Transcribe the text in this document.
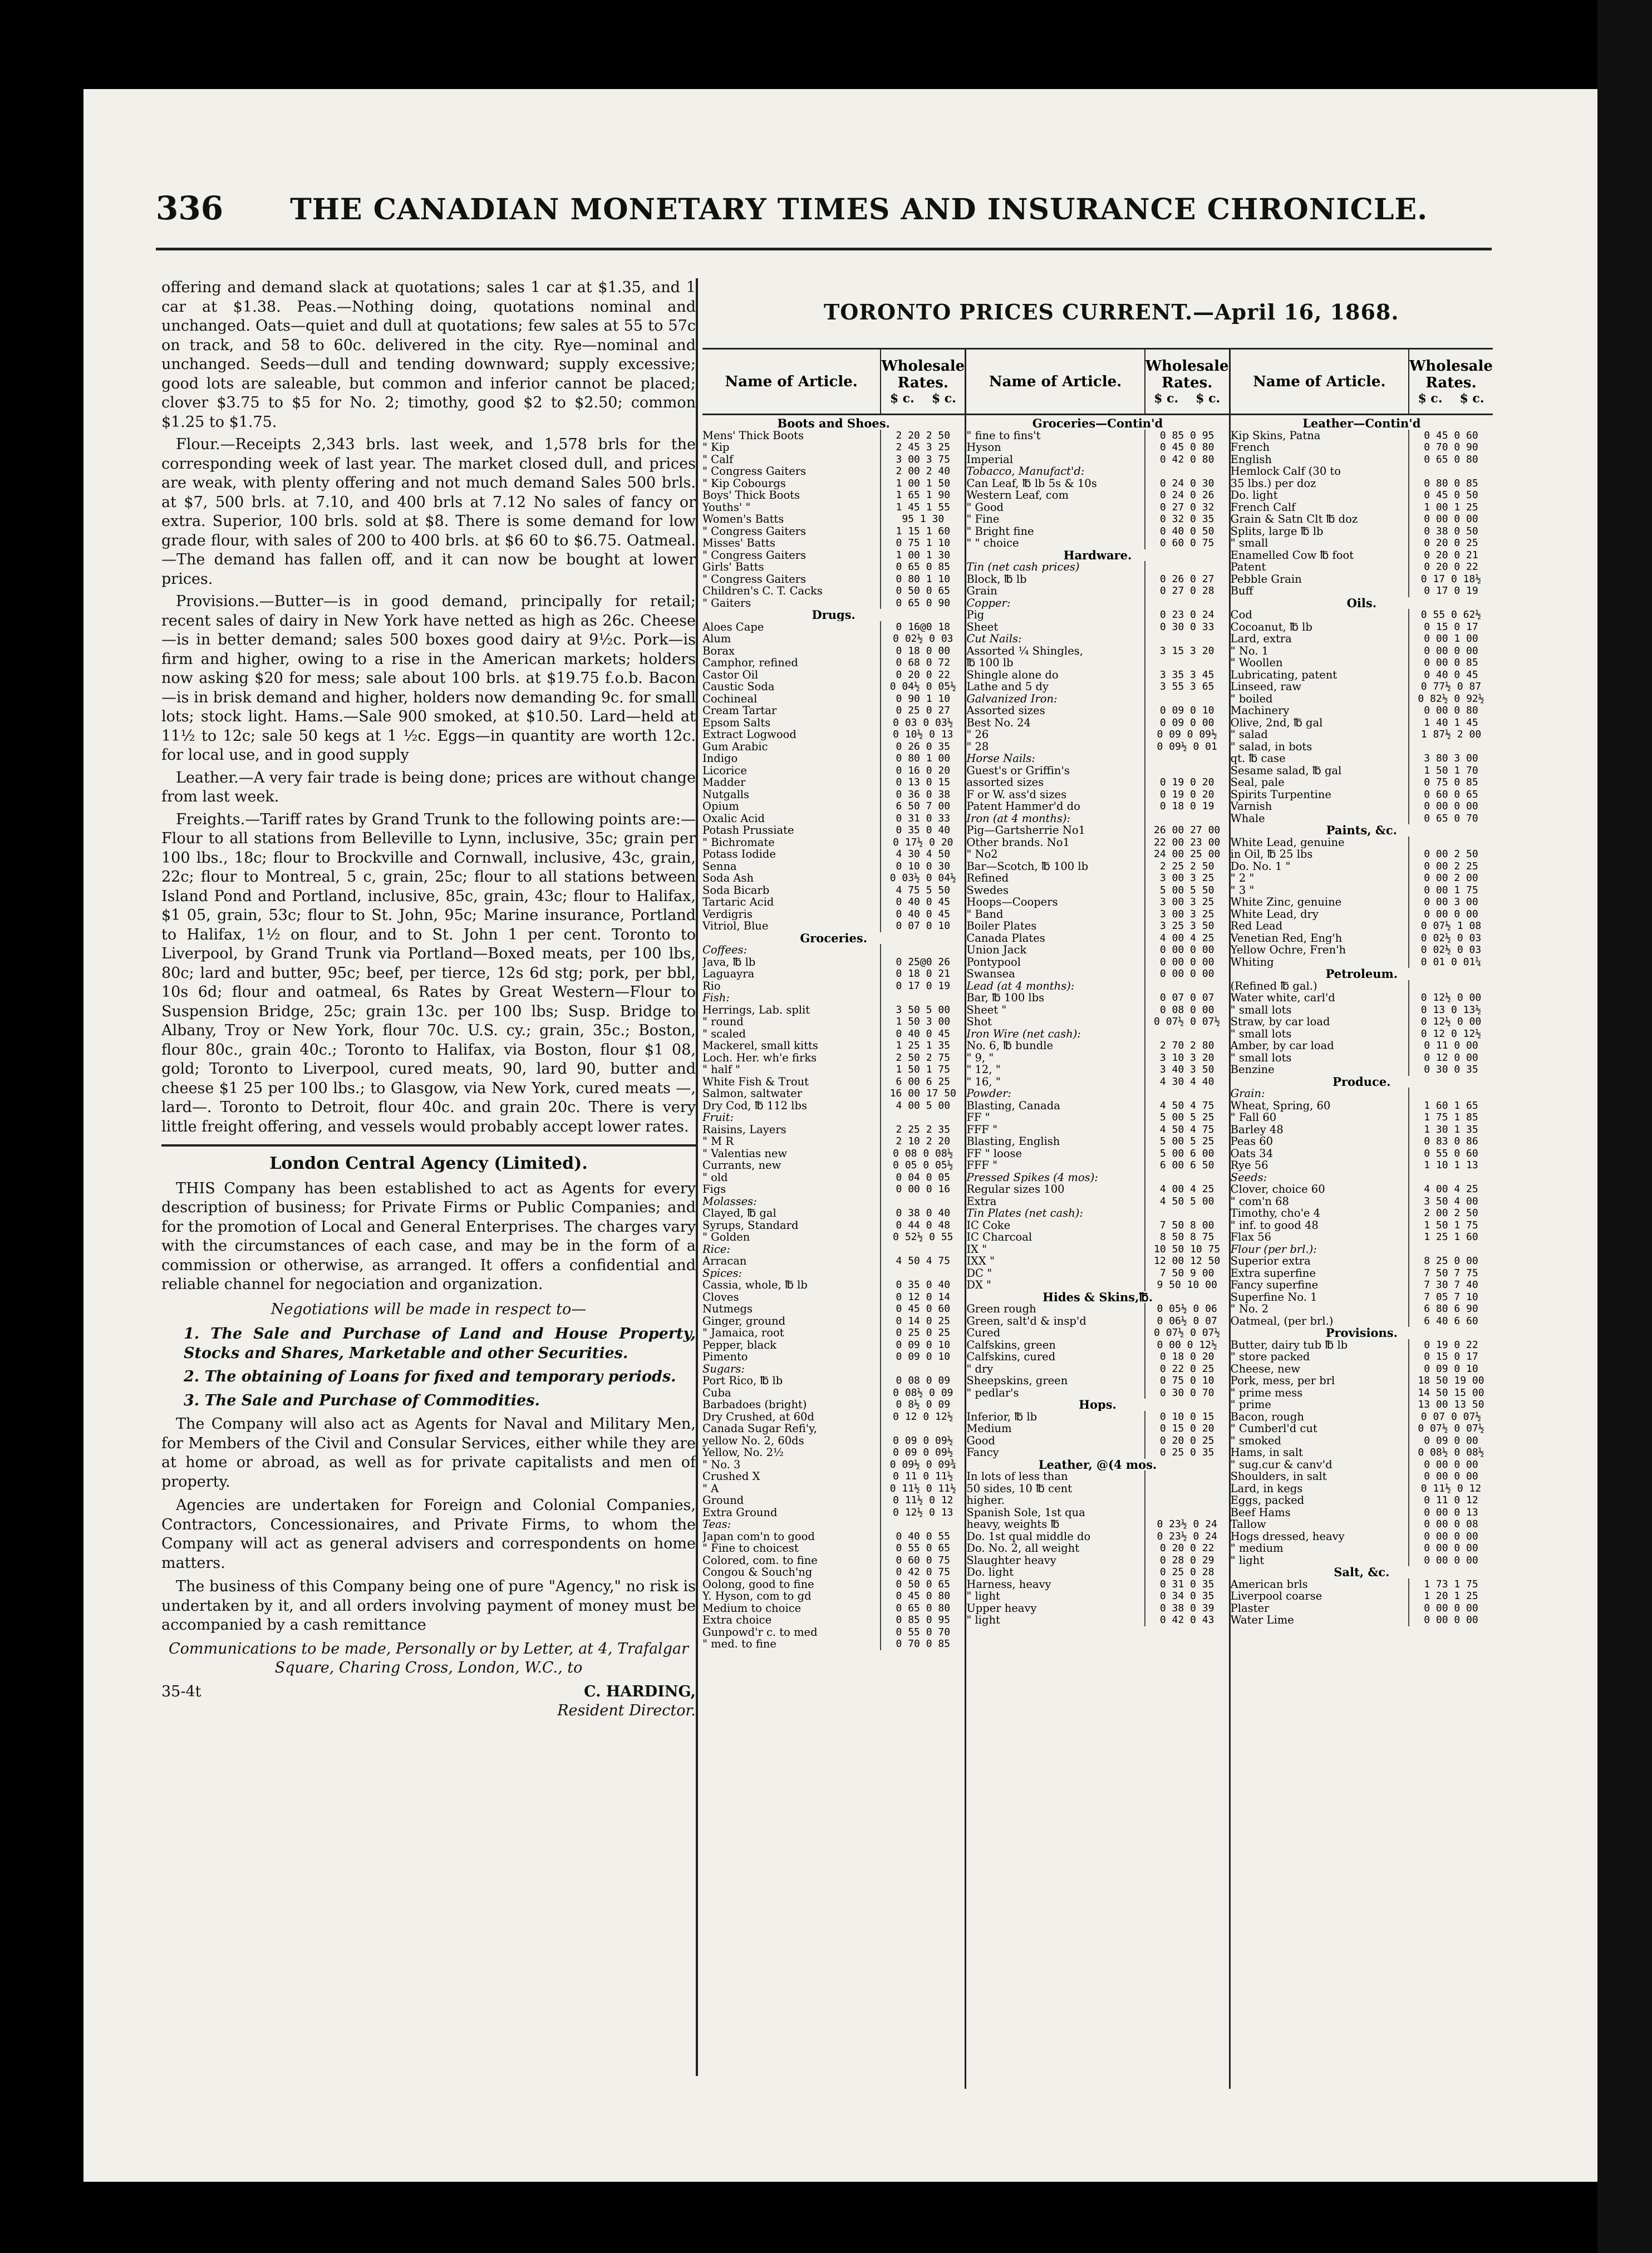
336 THE CANADIAN MONETARY TIMES AND INSURANCE CHRONICLE.

offering and demand slack at quotations; sales 1 car at $1.35, and 1 car at $1.38. Peas.—Nothing doing, quotations nominal and unchanged. Oats—quiet and dull at quotations; few sales at 55 to 57c on track, and 58 to 60c. delivered in the city. Rye—nominal and unchanged. Seeds—dull and tending downward; supply excessive; good lots are saleable, but common and inferior cannot be placed; clover $3.75 to $5 for No. 2; timothy, good $2 to $2.50; common $1.25 to $1.75.

Flour.—Receipts 2,343 brls. last week, and 1,578 brls for the corresponding week of last year. The market closed dull, and prices are weak, with plenty offering and not much demand Sales 500 brls. at $7, 500 brls. at 7.10, and 400 brls at 7.12 No sales of fancy or extra. Superior, 100 brls. sold at $8. There is some demand for low grade flour, with sales of 200 to 400 brls. at $6 60 to $6.75. Oatmeal.—The demand has fallen off, and it can now be bought at lower prices.

Provisions.—Butter—is in good demand, principally for retail; recent sales of dairy in New York have netted as high as 26c. Cheese—is in better demand; sales 500 boxes good dairy at 9½c. Pork—is firm and higher, owing to a rise in the American markets; holders now asking $20 for mess; sale about 100 brls. at $19.75 f.o.b. Bacon—is in brisk demand and higher, holders now demanding 9c. for small lots; stock light. Hams.—Sale 900 smoked, at $10.50. Lard—held at 11½ to 12c; sale 50 kegs at 1 ½c. Eggs—in quantity are worth 12c. for local use, and in good supply

Leather.—A very fair trade is being done; prices are without change from last week.

Freights.—Tariff rates by Grand Trunk to the following points are:—Flour to all stations from Belleville to Lynn, inclusive, 35c; grain per 100 lbs., 18c; flour to Brockville and Cornwall, inclusive, 43c, grain, 22c; flour to Montreal, 5 c, grain, 25c; flour to all stations between Island Pond and Portland, inclusive, 85c, grain, 43c; flour to Halifax, $1 05, grain, 53c; flour to St. John, 95c; Marine insurance, Portland to Halifax, 1½ on flour, and to St. John 1 per cent. Toronto to Liverpool, by Grand Trunk via Portland—Boxed meats, per 100 lbs, 80c; lard and butter, 95c; beef, per tierce, 12s 6d stg; pork, per bbl, 10s 6d; flour and oatmeal, 6s Rates by Great Western—Flour to Suspension Bridge, 25c; grain 13c. per 100 lbs; Susp. Bridge to Albany, Troy or New York, flour 70c. U.S. cy.; grain, 35c.; Boston, flour 80c., grain 40c.; Toronto to Halifax, via Boston, flour $1 08, gold; Toronto to Liverpool, cured meats, 90, lard 90, butter and cheese $1 25 per 100 lbs.; to Glasgow, via New York, cured meats —, lard—. Toronto to Detroit, flour 40c. and grain 20c. There is very little freight offering, and vessels would probably accept lower rates.

London Central Agency (Limited).

THIS Company has been established to act as Agents for every description of business; for Private Firms or Public Companies; and for the promotion of Local and General Enterprises. The charges vary with the circumstances of each case, and may be in the form of a commission or otherwise, as arranged. It offers a confidential and reliable channel for negociation and organization.

Negotiations will be made in respect to—
1. The Sale and Purchase of Land and House Property, Stocks and Shares, Marketable and other Securities.
2. The obtaining of Loans for fixed and temporary periods.
3. The Sale and Purchase of Commodities.

The Company will also act as Agents for Naval and Military Men, for Members of the Civil and Consular Services, either while they are at home or abroad, as well as for private capitalists and men of property.

Agencies are undertaken for Foreign and Colonial Companies, Contractors, Concessionaires, and Private Firms, to whom the Company will act as general advisers and correspondents on home matters.

The business of this Company being one of pure "Agency," no risk is undertaken by it, and all orders involving payment of money must be accompanied by a cash remittance

Communications to be made, Personally or by Letter, at 4, Trafalgar Square, Charing Cross, London, W.C., to
35-4t	C. HARDING,
Resident Director.
TORONTO PRICES CURRENT.—April 16, 1868.
Name of Article.
Wholesale Rates.
$ c. $ c.
Boots and Shoes.
Mens' Thick Boots	2 20 2 50
" Kip	2 45 3 25
" Calf	3 00 3 75
" Congress Gaiters	2 00 2 40
" Kip Cobourgs	1 00 1 50
Boys' Thick Boots	1 65 1 90
Youths' "	1 45 1 55
Women's Batts	95 1 30
" Congress Gaiters	1 15 1 60
Misses' Batts	0 75 1 10
" Congress Gaiters	1 00 1 30
Girls' Batts	0 65 0 85
" Congress Gaiters	0 80 1 10
Children's C. T. Cacks	0 50 0 65
" Gaiters	0 65 0 90
Drugs.
Aloes Cape	0 16@0 18
Alum	0 02½ 0 03
Borax	0 18 0 00
Camphor, refined	0 68 0 72
Castor Oil	0 20 0 22
Caustic Soda	0 04½ 0 05½
Cochineal	0 90 1 10
Cream Tartar	0 25 0 27
Epsom Salts	0 03 0 03½
Extract Logwood	0 10½ 0 13
Gum Arabic	0 26 0 35
Indigo	0 80 1 00
Licorice	0 16 0 20
Madder	0 13 0 15
Nutgalls	0 36 0 38
Opium	6 50 7 00
Oxalic Acid	0 31 0 33
Potash Prussiate	0 35 0 40
" Bichromate	0 17½ 0 20
Potass Iodide	4 30 4 50
Senna	0 10 0 30
Soda Ash	0 03½ 0 04½
Soda Bicarb	4 75 5 50
Tartaric Acid	0 40 0 45
Verdigris	0 40 0 45
Vitriol, Blue	0 07 0 10
Groceries.
Coffees:
Java, ℔ lb	0 25@0 26
Laguayra	0 18 0 21
Rio	0 17 0 19
Fish:
Herrings, Lab. split	3 50 5 00
" round	1 50 3 00
" scaled	0 40 0 45
Mackerel, small kitts	1 25 1 35
Loch. Her. wh'e firks	2 50 2 75
" half "	1 50 1 75
White Fish & Trout	6 00 6 25
Salmon, saltwater	16 00 17 50
Dry Cod, ℔ 112 lbs	4 00 5 00
Fruit:
Raisins, Layers	2 25 2 35
" M R	2 10 2 20
" Valentias new	0 08 0 08½
Currants, new	0 05 0 05½
" old	0 04 0 05
Figs	0 00 0 16
Molasses:
Clayed, ℔ gal	0 38 0 40
Syrups, Standard	0 44 0 48
" Golden	0 52½ 0 55
Rice:
Arracan	4 50 4 75
Spices:
Cassia, whole, ℔ lb	0 35 0 40
Cloves	0 12 0 14
Nutmegs	0 45 0 60
Ginger, ground	0 14 0 25
" Jamaica, root	0 25 0 25
Pepper, black	0 09 0 10
Pimento	0 09 0 10
Sugars:
Port Rico, ℔ lb	0 08 0 09
Cuba	0 08½ 0 09
Barbadoes (bright)	0 8½ 0 09
Dry Crushed, at 60d	0 12 0 12½
Canada Sugar Refi'y,
yellow No. 2, 60ds	0 09 0 09½
Yellow, No. 2½	0 09 0 09½
" No. 3	0 09½ 0 09¾
Crushed X	0 11 0 11½
" A	0 11½ 0 11½
Ground	0 11½ 0 12
Extra Ground	0 12½ 0 13
Teas:
Japan com'n to good	0 40 0 55
" Fine to choicest	0 55 0 65
Colored, com. to fine	0 60 0 75
Congou & Souch'ng	0 42 0 75
Oolong, good to fine	0 50 0 65
Y. Hyson, com to gd	0 45 0 80
Medium to choice	0 65 0 80
Extra choice	0 85 0 95
Gunpowd'r c. to med	0 55 0 70
" med. to fine	0 70 0 85
Name of Article.
Wholesale Rates.
$ c. $ c.
Groceries—Contin'd
" fine to fins't	0 85 0 95
Hyson	0 45 0 80
Imperial	0 42 0 80
Tobacco, Manufact'd:
Can Leaf, ℔ lb 5s & 10s	0 24 0 30
Western Leaf, com	0 24 0 26
" Good	0 27 0 32
" Fine	0 32 0 35
" Bright fine	0 40 0 50
" " choice	0 60 0 75
Hardware.
Tin (net cash prices)
Block, ℔ lb	0 26 0 27
Grain	0 27 0 28
Copper:
Pig	0 23 0 24
Sheet	0 30 0 33
Cut Nails:
Assorted ¼ Shingles,	3 15 3 20
℔ 100 lb
Shingle alone do	3 35 3 45
Lathe and 5 dy	3 55 3 65
Galvanized Iron:
Assorted sizes	0 09 0 10
Best No. 24	0 09 0 00
" 26	0 09 0 09½
" 28	0 09½ 0 01
Horse Nails:
Guest's or Griffin's
assorted sizes	0 19 0 20
F or W. ass'd sizes	0 19 0 20
Patent Hammer'd do	0 18 0 19
Iron (at 4 months):
Pig—Gartsherrie No1	26 00 27 00
Other brands. No1	22 00 23 00
" No2	24 00 25 00
Bar—Scotch, ℔ 100 lb	2 25 2 50
Refined	3 00 3 25
Swedes	5 00 5 50
Hoops—Coopers	3 00 3 25
" Band	3 00 3 25
Boiler Plates	3 25 3 50
Canada Plates	4 00 4 25
Union Jack	0 00 0 00
Pontypool	0 00 0 00
Swansea	0 00 0 00
Lead (at 4 months):
Bar, ℔ 100 lbs	0 07 0 07
Sheet "	0 08 0 00
Shot	0 07½ 0 07½
Iron Wire (net cash):
No. 6, ℔ bundle	2 70 2 80
" 9, "	3 10 3 20
" 12, "	3 40 3 50
" 16, "	4 30 4 40
Powder:
Blasting, Canada	4 50 4 75
FF "	5 00 5 25
FFF "	4 50 4 75
Blasting, English	5 00 5 25
FF " loose	5 00 6 00
FFF "	6 00 6 50
Pressed Spikes (4 mos):
Regular sizes 100	4 00 4 25
Extra	4 50 5 00
Tin Plates (net cash):
IC Coke	7 50 8 00
IC Charcoal	8 50 8 75
IX "	10 50 10 75
IXX "	12 00 12 50
DC "	7 50 9 00
DX "	9 50 10 00
Hides & Skins,℔.
Green rough	0 05½ 0 06
Green, salt'd & insp'd	0 06½ 0 07
Cured	0 07½ 0 07½
Calfskins, green	0 00 0 12½
Calfskins, cured	0 18 0 20
" dry	0 22 0 25
Sheepskins, green	0 75 0 10
" pedlar's	0 30 0 70
Hops.
Inferior, ℔ lb	0 10 0 15
Medium	0 15 0 20
Good	0 20 0 25
Fancy	0 25 0 35
Leather, @(4 mos.
In lots of less than
50 sides, 10 ℔ cent
higher.
Spanish Sole, 1st qua
heavy, weights ℔	0 23½ 0 24
Do. 1st qual middle do	0 23½ 0 24
Do. No. 2, all weight	0 20 0 22
Slaughter heavy	0 28 0 29
Do. light	0 25 0 28
Harness, heavy	0 31 0 35
" light	0 34 0 35
Upper heavy	0 38 0 39
" light	0 42 0 43
Name of Article.
Wholesale Rates.
$ c. $ c.
Leather—Contin'd
Kip Skins, Patna	0 45 0 60
French	0 70 0 90
English	0 65 0 80
Hemlock Calf (30 to
35 lbs.) per doz	0 80 0 85
Do. light	0 45 0 50
French Calf	1 00 1 25
Grain & Satn Clt ℔ doz	0 00 0 00
Splits, large ℔ lb	0 38 0 50
" small	0 20 0 25
Enamelled Cow ℔ foot	0 20 0 21
Patent	0 20 0 22
Pebble Grain	0 17 0 18½
Buff	0 17 0 19
Oils.
Cod	0 55 0 62½
Cocoanut, ℔ lb	0 15 0 17
Lard, extra	0 00 1 00
" No. 1	0 00 0 00
" Woollen	0 00 0 85
Lubricating, patent	0 40 0 45
Linseed, raw	0 77½ 0 87
" boiled	0 82½ 0 92½
Machinery	0 00 0 80
Olive, 2nd, ℔ gal	1 40 1 45
" salad	1 87½ 2 00
" salad, in bots
qt. ℔ case	3 80 3 00
Sesame salad, ℔ gal	1 50 1 70
Seal, pale	0 75 0 85
Spirits Turpentine	0 60 0 65
Varnish	0 00 0 00
Whale	0 65 0 70
Paints, &c.
White Lead, genuine
in Oil, ℔ 25 lbs	0 00 2 50
Do. No. 1 "	0 00 2 25
" 2 "	0 00 2 00
" 3 "	0 00 1 75
White Zinc, genuine	0 00 3 00
White Lead, dry	0 00 0 00
Red Lead	0 07½ 1 08
Venetian Red, Eng'h	0 02½ 0 03
Yellow Ochre, Fren'h	0 02½ 0 03
Whiting	0 01 0 01¼
Petroleum.
(Refined ℔ gal.)
Water white, carl'd	0 12½ 0 00
" small lots	0 13 0 13½
Straw, by car load	0 12½ 0 00
" small lots	0 12 0 12½
Amber, by car load	0 11 0 00
" small lots	0 12 0 00
Benzine	0 30 0 35
Produce.
Grain:
Wheat, Spring, 60	1 60 1 65
" Fall 60	1 75 1 85
Barley 48	1 30 1 35
Peas 60	0 83 0 86
Oats 34	0 55 0 60
Rye 56	1 10 1 13
Seeds:
Clover, choice 60	4 00 4 25
" com'n 68	3 50 4 00
Timothy, cho'e 4	2 00 2 50
" inf. to good 48	1 50 1 75
Flax 56	1 25 1 60
Flour (per brl.):
Superior extra	8 25 0 00
Extra superfine	7 50 7 75
Fancy superfine	7 30 7 40
Superfine No. 1	7 05 7 10
" No. 2	6 80 6 90
Oatmeal, (per brl.)	6 40 6 60
Provisions.
Butter, dairy tub ℔ lb	0 19 0 22
" store packed	0 15 0 17
Cheese, new	0 09 0 10
Pork, mess, per brl	18 50 19 00
" prime mess	14 50 15 00
" prime	13 00 13 50
Bacon, rough	0 07 0 07½
" Cumberl'd cut	0 07½ 0 07½
" smoked	0 09 0 00
Hams, in salt	0 08½ 0 08½
" sug.cur & canv'd	0 00 0 00
Shoulders, in salt	0 00 0 00
Lard, in kegs	0 11½ 0 12
Eggs, packed	0 11 0 12
Beef Hams	0 00 0 13
Tallow	0 00 0 08
Hogs dressed, heavy	0 00 0 00
" medium	0 00 0 00
" light	0 00 0 00
Salt, &c.
American brls	1 73 1 75
Liverpool coarse	1 20 1 25
Plaster	0 00 0 00
Water Lime	0 00 0 00
